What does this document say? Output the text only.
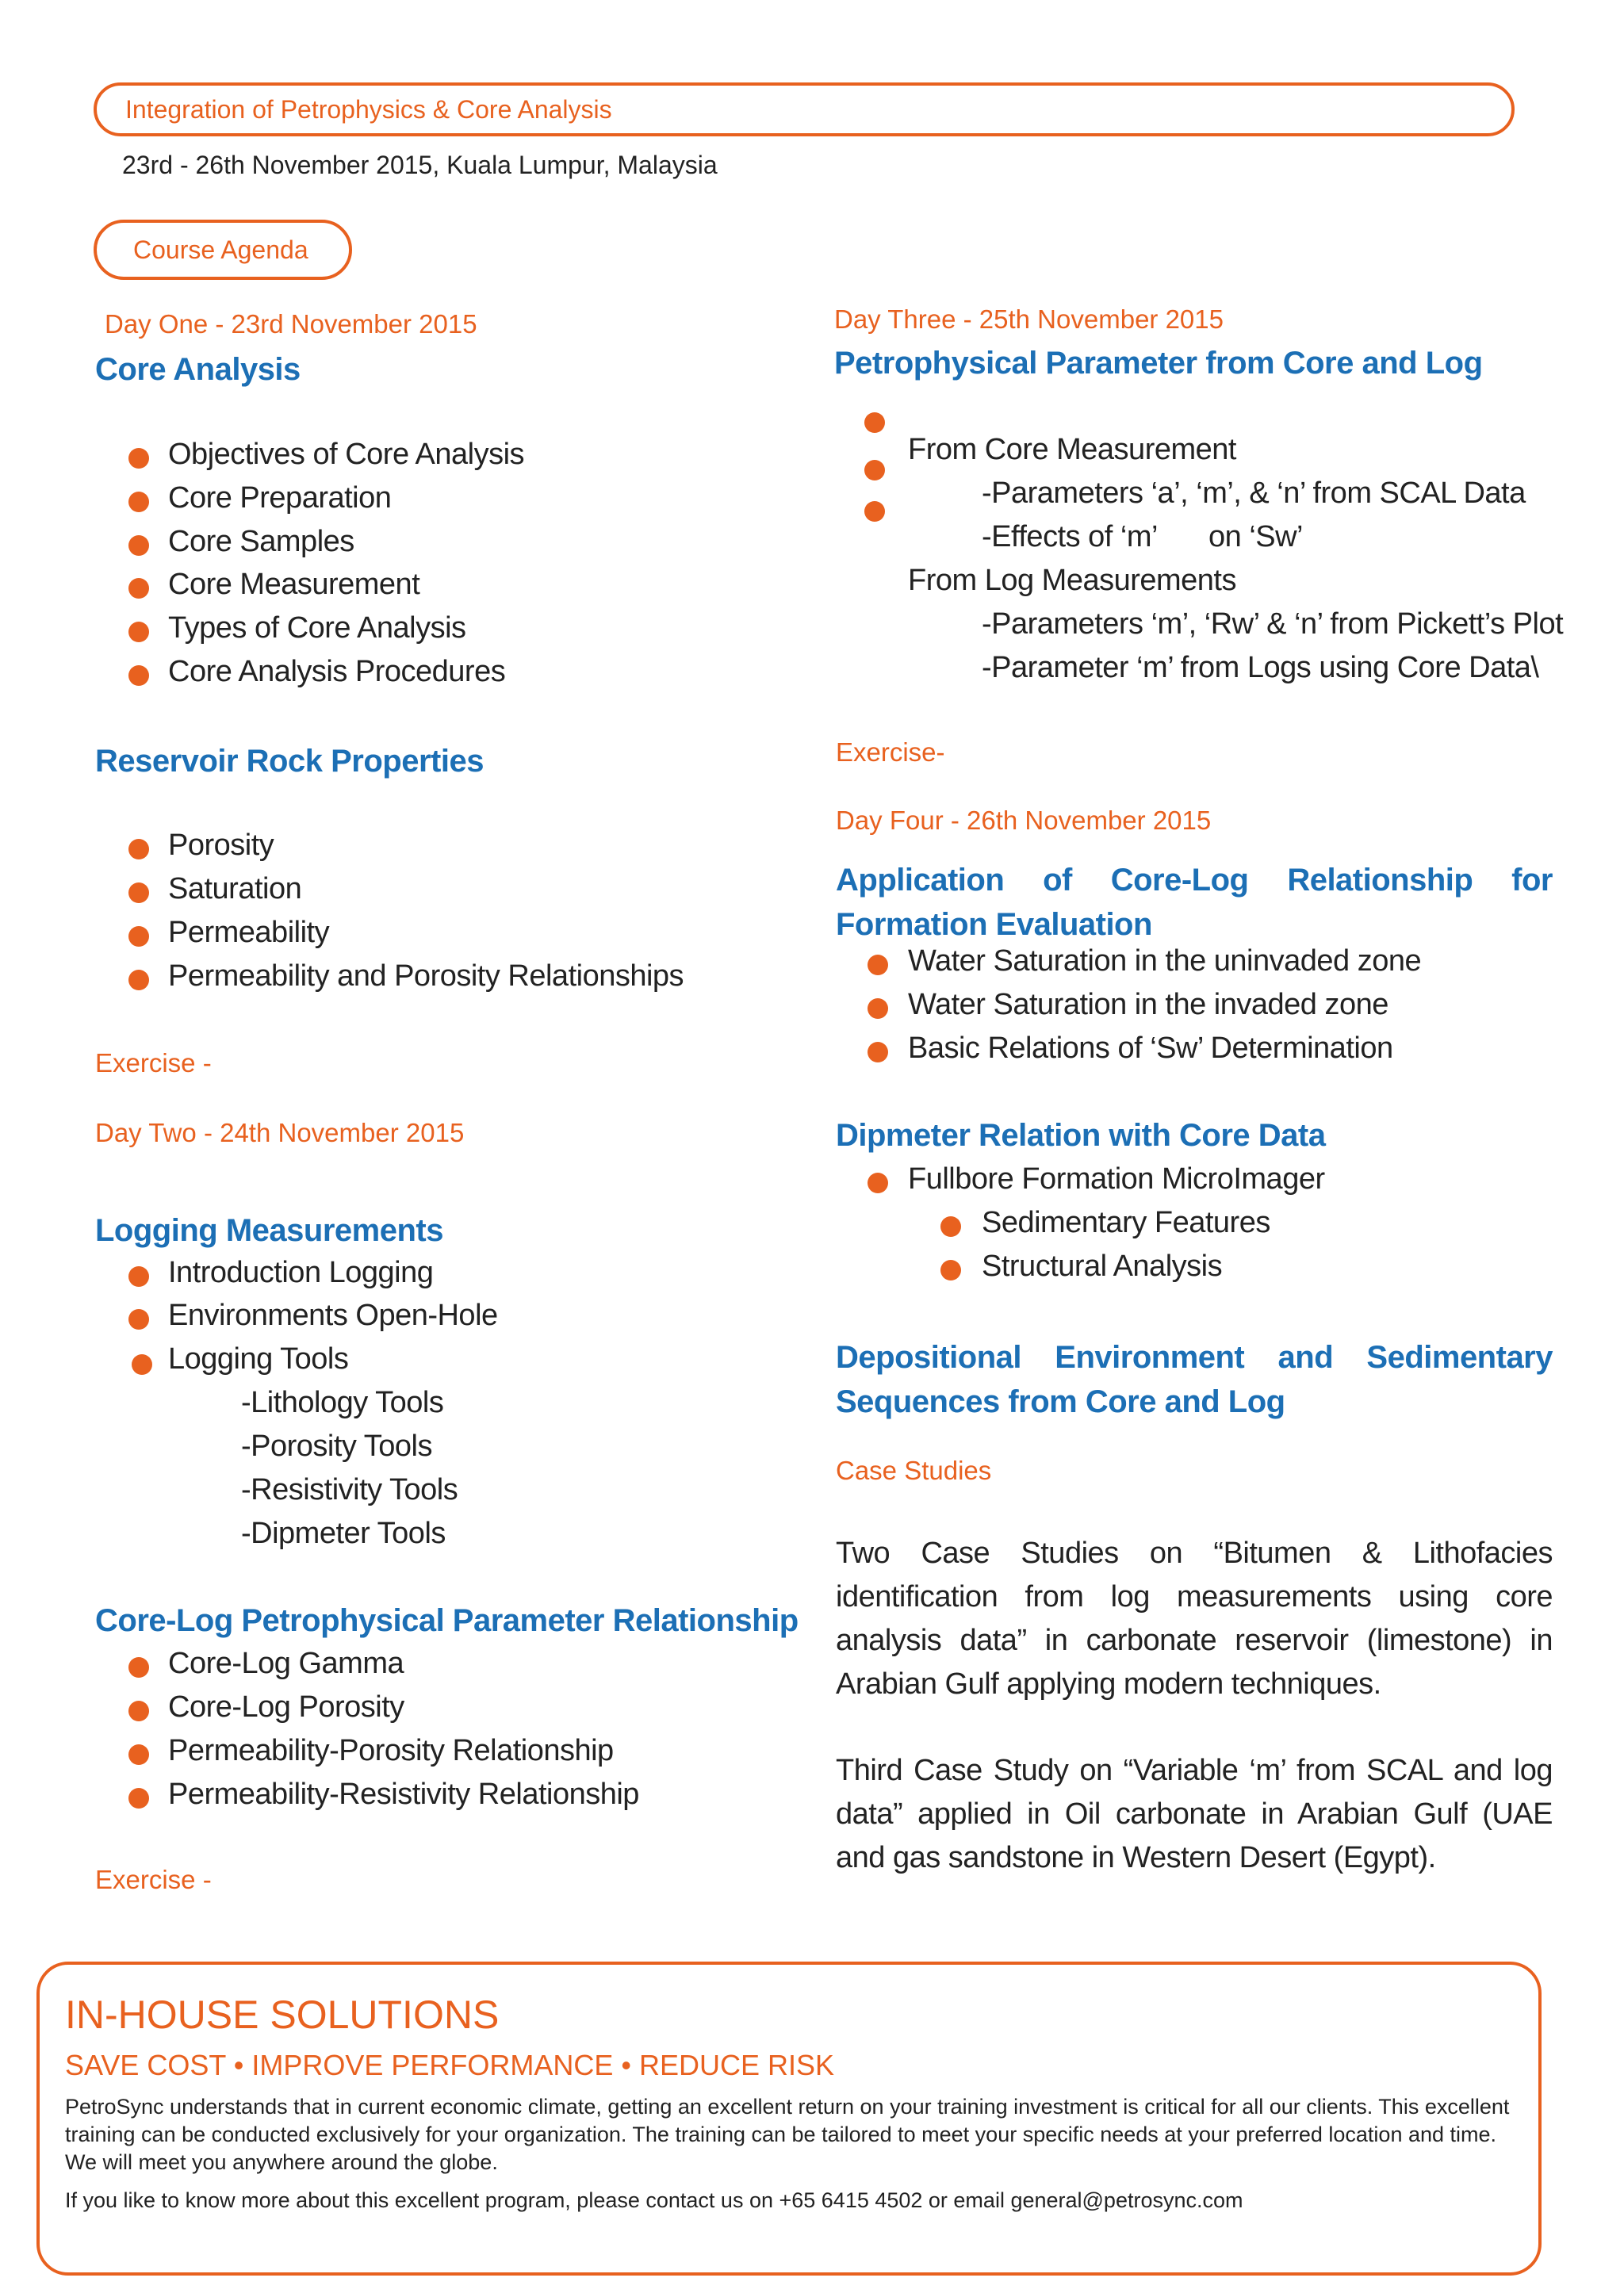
Integration of Petrophysics & Core Analysis
23rd - 26th November 2015, Kuala Lumpur, Malaysia
Course Agenda
Day One - 23rd November 2015
Core Analysis
Objectives of Core Analysis
Core Preparation
Core Samples
Core Measurement
Types of Core Analysis
Core Analysis Procedures
Reservoir Rock Properties
Porosity
Saturation
Permeability
Permeability and Porosity Relationships
Exercise -
Day Two - 24th November 2015
Logging Measurements
Introduction Logging
Environments Open-Hole
Logging Tools
-Lithology Tools
-Porosity Tools
-Resistivity Tools
-Dipmeter Tools
Core-Log Petrophysical Parameter Relationship
Core-Log Gamma
Core-Log Porosity
Permeability-Porosity Relationship
Permeability-Resistivity Relationship
Exercise -
Day Three - 25th November 2015
Petrophysical Parameter from Core and Log
From Core Measurement
-Parameters ‘a’, ‘m’, & ‘n’ from SCAL Data
-Effects of ‘m’ on ‘Sw’
From Log Measurements
-Parameters ‘m’, ‘Rw’ & ‘n’ from Pickett’s Plot
-Parameter ‘m’ from Logs using Core Data\
Exercise-
Day Four - 26th November 2015
Application of Core-Log Relationship for Formation Evaluation
Water Saturation in the uninvaded zone
Water Saturation in the invaded zone
Basic Relations of ‘Sw’ Determination
Dipmeter Relation with Core Data
Fullbore Formation MicroImager
Sedimentary Features
Structural Analysis
Depositional Environment and Sedimentary Sequences from Core and Log
Case Studies
Two Case Studies on “Bitumen & Lithofacies identification from log measurements using core analysis data” in carbonate reservoir (limestone) in Arabian Gulf applying modern techniques.
Third Case Study on “Variable ‘m’ from SCAL and log data” applied in Oil carbonate in Arabian Gulf (UAE and gas sandstone in Western Desert (Egypt).
IN-HOUSE SOLUTIONS
SAVE COST • IMPROVE PERFORMANCE • REDUCE RISK
PetroSync understands that in current economic climate, getting an excellent return on your training investment is critical for all our clients. This excellent training can be conducted exclusively for your organization. The training can be tailored to meet your specific needs at your preferred location and time. We will meet you anywhere around the globe.
If you like to know more about this excellent program, please contact us on +65 6415 4502 or email general@petrosync.com
